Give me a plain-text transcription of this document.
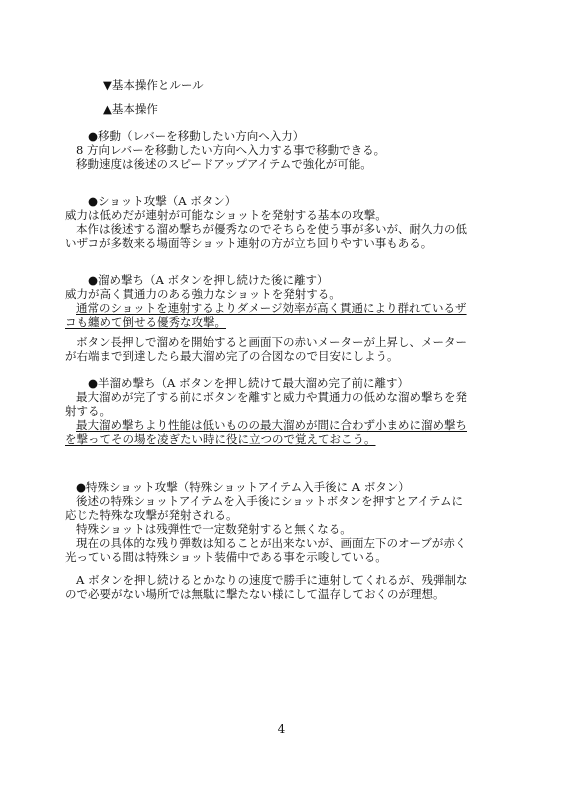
▼基本操作とルール
▲基本操作
●移動（レバーを移動したい方向へ入力）
8 方向レバーを移動したい方向へ入力する事で移動できる。
移動速度は後述のスピードアップアイテムで強化が可能。
●ショット攻撃（A ボタン）
威力は低めだが連射が可能なショットを発射する基本の攻撃。
本作は後述する溜め撃ちが優秀なのでそちらを使う事が多いが、耐久力の低
いザコが多数来る場面等ショット連射の方が立ち回りやすい事もある。
●溜め撃ち（A ボタンを押し続けた後に離す）
威力が高く貫通力のある強力なショットを発射する。
通常のショットを連射するよりダメージ効率が高く貫通により群れているザ
コも纏めて倒せる優秀な攻撃。
ボタン長押しで溜めを開始すると画面下の赤いメーターが上昇し、メーター
が右端まで到達したら最大溜め完了の合図なので目安にしよう。
●半溜め撃ち（A ボタンを押し続けて最大溜め完了前に離す）
最大溜めが完了する前にボタンを離すと威力や貫通力の低めな溜め撃ちを発
射する。
最大溜め撃ちより性能は低いものの最大溜めが間に合わず小まめに溜め撃ち
を撃ってその場を凌ぎたい時に役に立つので覚えておこう。
●特殊ショット攻撃（特殊ショットアイテム入手後に A ボタン）
後述の特殊ショットアイテムを入手後にショットボタンを押すとアイテムに
応じた特殊な攻撃が発射される。
特殊ショットは残弾性で一定数発射すると無くなる。
現在の具体的な残り弾数は知ることが出来ないが、画面左下のオーブが赤く
光っている間は特殊ショット装備中である事を示唆している。
A ボタンを押し続けるとかなりの速度で勝手に連射してくれるが、残弾制な
ので必要がない場所では無駄に撃たない様にして温存しておくのが理想。
4
